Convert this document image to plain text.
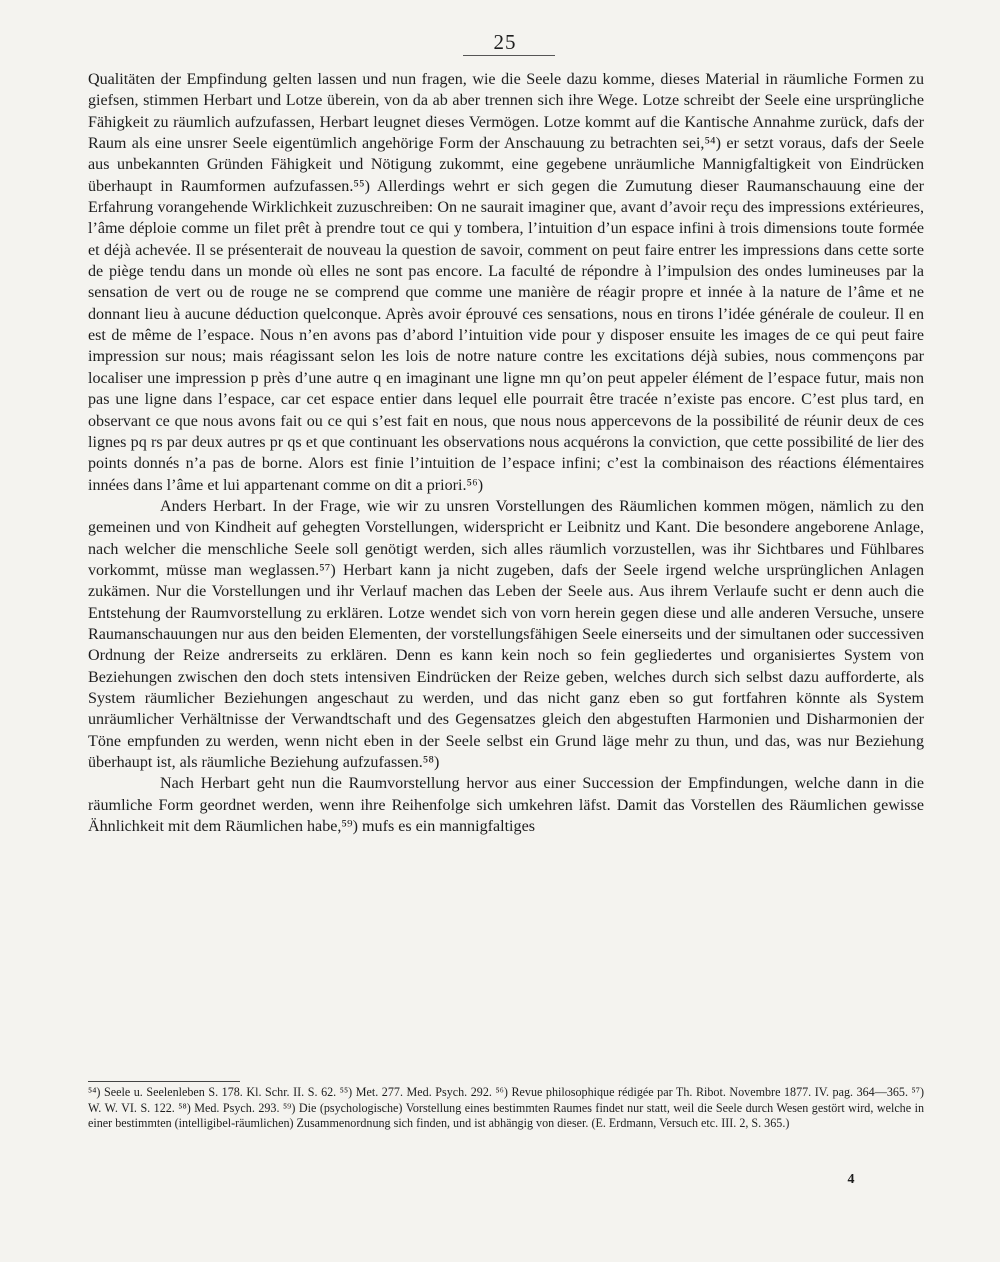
25

Qualitäten der Empfindung gelten lassen und nun fragen, wie die Seele dazu komme, dieses Material in räumliche Formen zu giefsen, stimmen Herbart und Lotze überein, von da ab aber trennen sich ihre Wege. Lotze schreibt der Seele eine ursprüngliche Fähigkeit zu räumlich aufzufassen, Herbart leugnet dieses Vermögen. Lotze kommt auf die Kantische Annahme zurück, dafs der Raum als eine unsrer Seele eigentümlich angehörige Form der Anschauung zu betrachten sei,⁵⁴) er setzt voraus, dafs der Seele aus unbekannten Gründen Fähigkeit und Nötigung zukommt, eine gegebene unräumliche Mannigfaltigkeit von Eindrücken überhaupt in Raumformen aufzufassen.⁵⁵) Allerdings wehrt er sich gegen die Zumutung dieser Raumanschauung eine der Erfahrung vorangehende Wirklichkeit zuzuschreiben: On ne saurait imaginer que, avant d’avoir reçu des impressions extérieures, l’âme déploie comme un filet prêt à prendre tout ce qui y tombera, l’intuition d’un espace infini à trois dimensions toute formée et déjà achevée. Il se présenterait de nouveau la question de savoir, comment on peut faire entrer les impressions dans cette sorte de piège tendu dans un monde où elles ne sont pas encore. La faculté de répondre à l’impulsion des ondes lumineuses par la sensation de vert ou de rouge ne se comprend que comme une manière de réagir propre et innée à la nature de l’âme et ne donnant lieu à aucune déduction quelconque. Après avoir éprouvé ces sensations, nous en tirons l’idée générale de couleur. Il en est de même de l’espace. Nous n’en avons pas d’abord l’intuition vide pour y disposer ensuite les images de ce qui peut faire impression sur nous; mais réagissant selon les lois de notre nature contre les excitations déjà subies, nous commençons par localiser une impression p près d’une autre q en imaginant une ligne mn qu’on peut appeler élément de l’espace futur, mais non pas une ligne dans l’espace, car cet espace entier dans lequel elle pourrait être tracée n’existe pas encore. C’est plus tard, en observant ce que nous avons fait ou ce qui s’est fait en nous, que nous nous appercevons de la possibilité de réunir deux de ces lignes pq rs par deux autres pr qs et que continuant les observations nous acquérons la conviction, que cette possibilité de lier des points donnés n’a pas de borne. Alors est finie l’intuition de l’espace infini; c’est la combinaison des réactions élémentaires innées dans l’âme et lui appartenant comme on dit a priori.⁵⁶)

Anders Herbart. In der Frage, wie wir zu unsren Vorstellungen des Räumlichen kommen mögen, nämlich zu den gemeinen und von Kindheit auf gehegten Vorstellungen, widerspricht er Leibnitz und Kant. Die besondere angeborene Anlage, nach welcher die menschliche Seele soll genötigt werden, sich alles räumlich vorzustellen, was ihr Sichtbares und Fühlbares vorkommt, müsse man weglassen.⁵⁷) Herbart kann ja nicht zugeben, dafs der Seele irgend welche ursprünglichen Anlagen zukämen. Nur die Vorstellungen und ihr Verlauf machen das Leben der Seele aus. Aus ihrem Verlaufe sucht er denn auch die Entstehung der Raumvorstellung zu erklären. Lotze wendet sich von vorn herein gegen diese und alle anderen Versuche, unsere Raumanschauungen nur aus den beiden Elementen, der vorstellungsfähigen Seele einerseits und der simultanen oder successiven Ordnung der Reize andrerseits zu erklären. Denn es kann kein noch so fein gegliedertes und organisiertes System von Beziehungen zwischen den doch stets intensiven Eindrücken der Reize geben, welches durch sich selbst dazu aufforderte, als System räumlicher Beziehungen angeschaut zu werden, und das nicht ganz eben so gut fortfahren könnte als System unräumlicher Verhältnisse der Verwandtschaft und des Gegensatzes gleich den abgestuften Harmonien und Disharmonien der Töne empfunden zu werden, wenn nicht eben in der Seele selbst ein Grund läge mehr zu thun, und das, was nur Beziehung überhaupt ist, als räumliche Beziehung aufzufassen.⁵⁸)

Nach Herbart geht nun die Raumvorstellung hervor aus einer Succession der Empfindungen, welche dann in die räumliche Form geordnet werden, wenn ihre Reihenfolge sich umkehren läfst. Damit das Vorstellen des Räumlichen gewisse Ähnlichkeit mit dem Räumlichen habe,⁵⁹) mufs es ein mannigfaltiges

⁵⁴) Seele u. Seelenleben S. 178. Kl. Schr. II. S. 62. ⁵⁵) Met. 277. Med. Psych. 292. ⁵⁶) Revue philosophique rédigée par Th. Ribot. Novembre 1877. IV. pag. 364—365. ⁵⁷) W. W. VI. S. 122. ⁵⁸) Med. Psych. 293. ⁵⁹) Die (psychologische) Vorstellung eines bestimmten Raumes findet nur statt, weil die Seele durch Wesen gestört wird, welche in einer bestimmten (intelligibel-räumlichen) Zusammenordnung sich finden, und ist abhängig von dieser. (E. Erdmann, Versuch etc. III. 2, S. 365.)
4
